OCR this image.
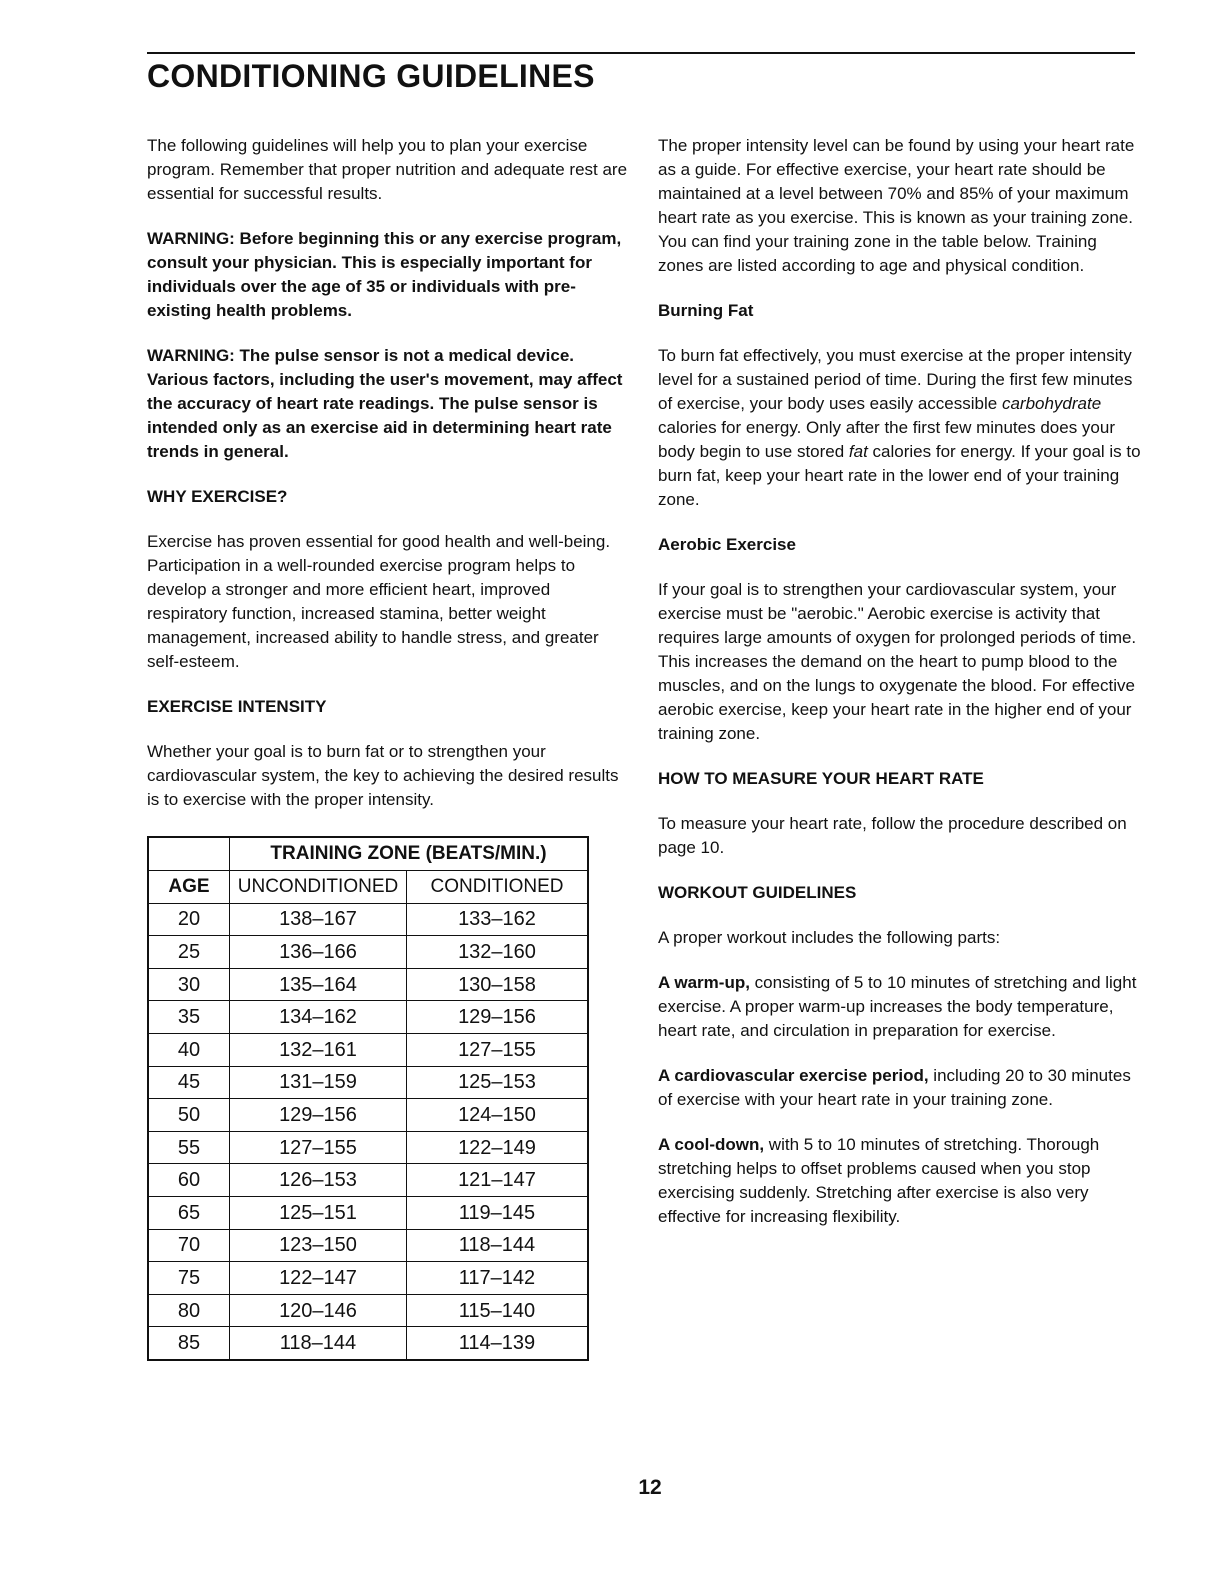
CONDITIONING GUIDELINES

The following guidelines will help you to plan your exercise program. Remember that proper nutrition and adequate rest are essential for successful results.

WARNING: Before beginning this or any exercise program, consult your physician. This is especially important for individuals over the age of 35 or individuals with pre-existing health problems.

WARNING: The pulse sensor is not a medical device. Various factors, including the user's movement, may affect the accuracy of heart rate readings. The pulse sensor is intended only as an exercise aid in determining heart rate trends in general.

WHY EXERCISE?

Exercise has proven essential for good health and well-being. Participation in a well-rounded exercise program helps to develop a stronger and more efficient heart, improved respiratory function, increased stamina, better weight management, increased ability to handle stress, and greater self-esteem.

EXERCISE INTENSITY

Whether your goal is to burn fat or to strengthen your cardiovascular system, the key to achieving the desired results is to exercise with the proper intensity.

	TRAINING ZONE (BEATS/MIN.)	
AGE	UNCONDITIONED	CONDITIONED
20	138–167	133–162
25	136–166	132–160
30	135–164	130–158
35	134–162	129–156
40	132–161	127–155
45	131–159	125–153
50	129–156	124–150
55	127–155	122–149
60	126–153	121–147
65	125–151	119–145
70	123–150	118–144
75	122–147	117–142
80	120–146	115–140
85	118–144	114–139

The proper intensity level can be found by using your heart rate as a guide. For effective exercise, your heart rate should be maintained at a level between 70% and 85% of your maximum heart rate as you exercise. This is known as your training zone. You can find your training zone in the table below. Training zones are listed according to age and physical condition.

Burning Fat

To burn fat effectively, you must exercise at the proper intensity level for a sustained period of time. During the first few minutes of exercise, your body uses easily accessible carbohydrate calories for energy. Only after the first few minutes does your body begin to use stored fat calories for energy. If your goal is to burn fat, keep your heart rate in the lower end of your training zone.

Aerobic Exercise

If your goal is to strengthen your cardiovascular system, your exercise must be "aerobic." Aerobic exercise is activity that requires large amounts of oxygen for prolonged periods of time. This increases the demand on the heart to pump blood to the muscles, and on the lungs to oxygenate the blood. For effective aerobic exercise, keep your heart rate in the higher end of your training zone.

HOW TO MEASURE YOUR HEART RATE

To measure your heart rate, follow the procedure described on page 10.

WORKOUT GUIDELINES

A proper workout includes the following parts:

A warm-up, consisting of 5 to 10 minutes of stretching and light exercise. A proper warm-up increases the body temperature, heart rate, and circulation in preparation for exercise.

A cardiovascular exercise period, including 20 to 30 minutes of exercise with your heart rate in your training zone.

A cool-down, with 5 to 10 minutes of stretching. Thorough stretching helps to offset problems caused when you stop exercising suddenly. Stretching after exercise is also very effective for increasing flexibility.

12
